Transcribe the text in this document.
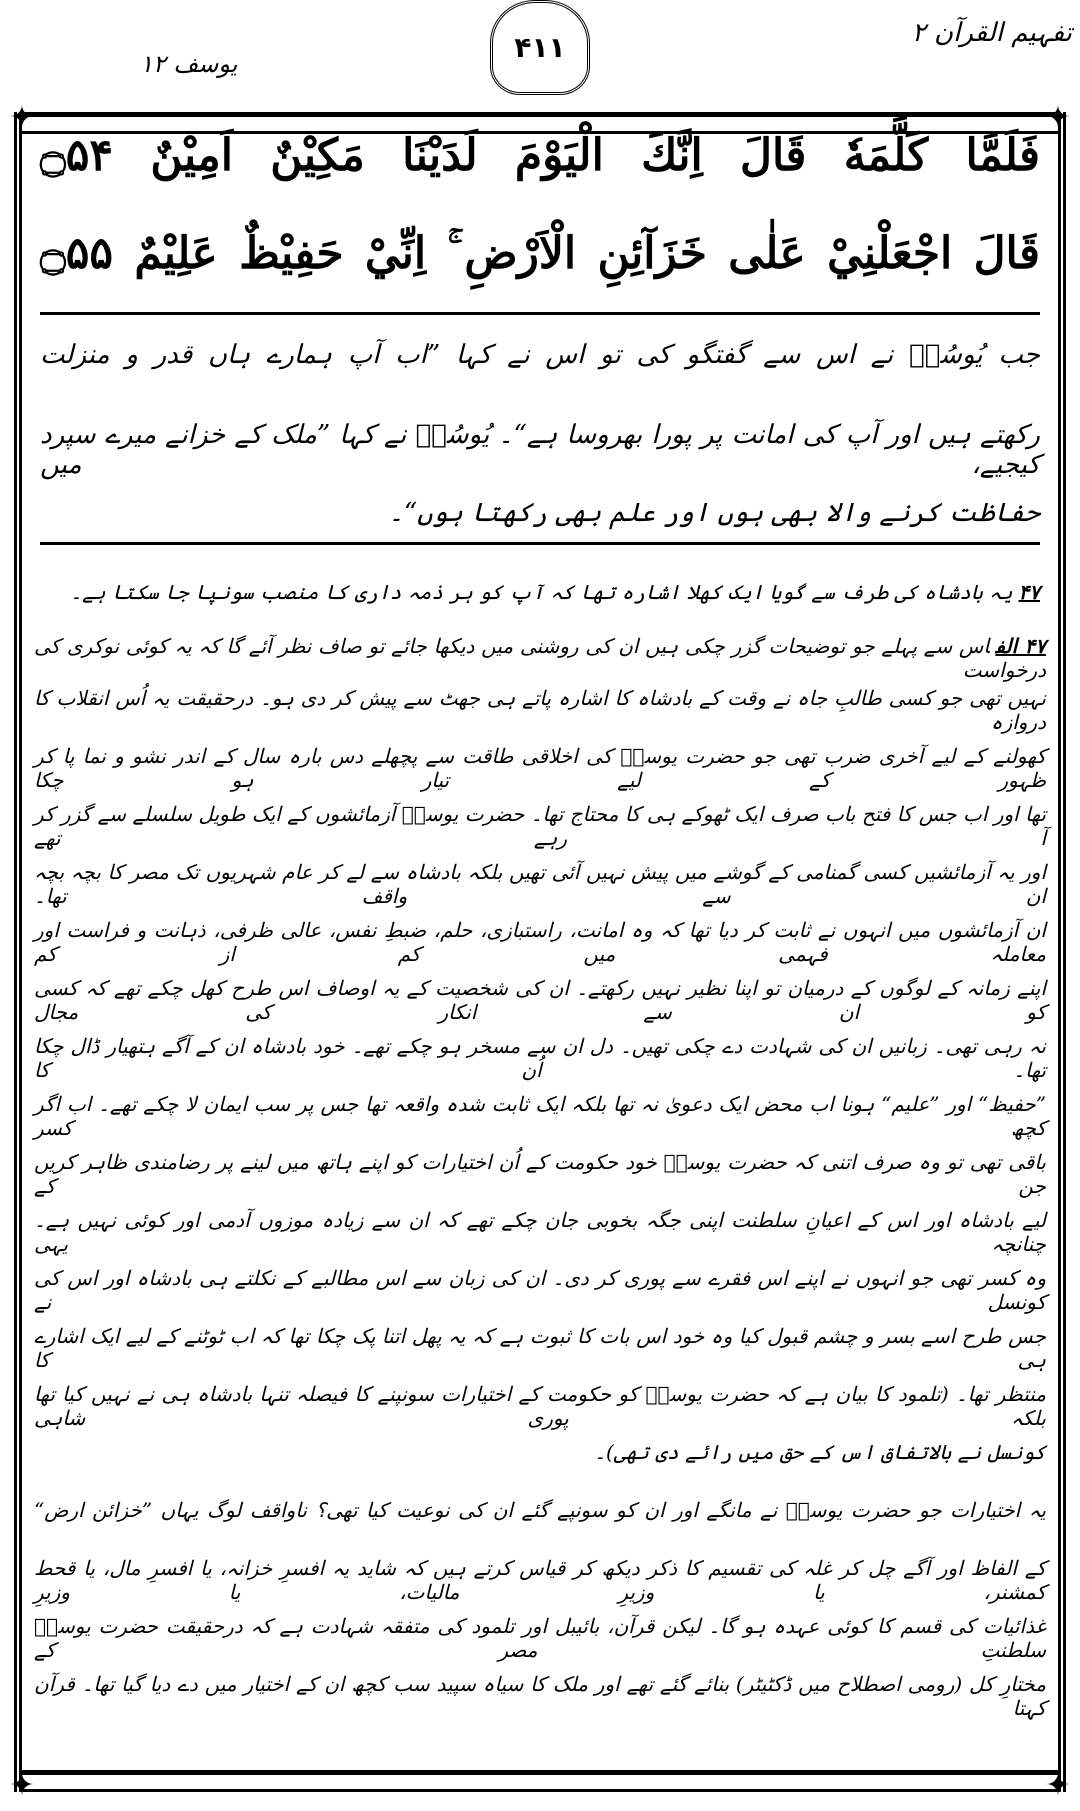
تفہیم القرآن ۲
۴۱۱
یوسف ۱۲
✦	✦
✦	✦
فَلَمَّا كَلَّمَهٗ قَالَ اِنَّكَ الْيَوْمَ لَدَيْنَا مَكِيْنٌ اَمِيْنٌ ۝۵۴
قَالَ اجْعَلْنِيْ عَلٰى خَزَآئِنِ الْاَرْضِ ۚ اِنِّيْ حَفِيْظٌ عَلِيْمٌ ۝۵۵
جب یُوسُفؑ نے اس سے گفتگو کی تو اس نے کہا ”اب آپ ہمارے ہاں قدر و منزلت
رکھتے ہیں اور آپ کی امانت پر پورا بھروسا ہے“۔ یُوسُفؑ نے کہا ”ملک کے خزانے میرے سپرد کیجیے، میں
حفاظت کرنے والا بھی ہوں اور علم بھی رکھتا ہوں“۔
۴۷یہ بادشاہ کی طرف سے گویا ایک کھلا اشارہ تھا کہ آپ کو ہر ذمہ داری کا منصب سونپا جا سکتا ہے۔
۴۷ الفاس سے پہلے جو توضیحات گزر چکی ہیں ان کی روشنی میں دیکھا جائے تو صاف نظر آئے گا کہ یہ کوئی نوکری کی درخواست
نہیں تھی جو کسی طالبِ جاہ نے وقت کے بادشاہ کا اشارہ پاتے ہی جھٹ سے پیش کر دی ہو۔ درحقیقت یہ اُس انقلاب کا دروازہ
کھولنے کے لیے آخری ضرب تھی جو حضرت یوسفؑ کی اخلاقی طاقت سے پچھلے دس بارہ سال کے اندر نشو و نما پا کر ظہور کے لیے تیار ہو چکا
تھا اور اب جس کا فتح باب صرف ایک ٹھوکے ہی کا محتاج تھا۔ حضرت یوسفؑ آزمائشوں کے ایک طویل سلسلے سے گزر کر آ رہے تھے
اور یہ آزمائشیں کسی گمنامی کے گوشے میں پیش نہیں آئی تھیں بلکہ بادشاہ سے لے کر عام شہریوں تک مصر کا بچہ بچہ ان سے واقف تھا۔
ان آزمائشوں میں انہوں نے ثابت کر دیا تھا کہ وہ امانت، راستبازی، حلم، ضبطِ نفس، عالی ظرفی، ذہانت و فراست اور معاملہ فہمی میں کم از کم
اپنے زمانہ کے لوگوں کے درمیان تو اپنا نظیر نہیں رکھتے۔ ان کی شخصیت کے یہ اوصاف اس طرح کھل چکے تھے کہ کسی کو ان سے انکار کی مجال
نہ رہی تھی۔ زبانیں ان کی شہادت دے چکی تھیں۔ دل ان سے مسخر ہو چکے تھے۔ خود بادشاہ ان کے آگے ہتھیار ڈال چکا تھا۔ اُن کا
”حفیظ“ اور ”علیم“ ہونا اب محض ایک دعویٰ نہ تھا بلکہ ایک ثابت شدہ واقعہ تھا جس پر سب ایمان لا چکے تھے۔ اب اگر کچھ کسر
باقی تھی تو وہ صرف اتنی کہ حضرت یوسفؑ خود حکومت کے اُن اختیارات کو اپنے ہاتھ میں لینے پر رضامندی ظاہر کریں جن کے
لیے بادشاہ اور اس کے اعیانِ سلطنت اپنی جگہ بخوبی جان چکے تھے کہ ان سے زیادہ موزوں آدمی اور کوئی نہیں ہے۔ چنانچہ یہی
وہ کسر تھی جو انہوں نے اپنے اس فقرے سے پوری کر دی۔ ان کی زبان سے اس مطالبے کے نکلتے ہی بادشاہ اور اس کی کونسل نے
جس طرح اسے بسر و چشم قبول کیا وہ خود اس بات کا ثبوت ہے کہ یہ پھل اتنا پک چکا تھا کہ اب ٹوٹنے کے لیے ایک اشارے ہی کا
منتظر تھا۔ (تلمود کا بیان ہے کہ حضرت یوسفؑ کو حکومت کے اختیارات سونپنے کا فیصلہ تنہا بادشاہ ہی نے نہیں کیا تھا بلکہ پوری شاہی
کونسل نے بالاتفاق اس کے حق میں رائے دی تھی)۔
یہ اختیارات جو حضرت یوسفؑ نے مانگے اور ان کو سونپے گئے ان کی نوعیت کیا تھی؟ ناواقف لوگ یہاں ”خزائن ارض“
کے الفاظ اور آگے چل کر غلہ کی تقسیم کا ذکر دیکھ کر قیاس کرتے ہیں کہ شاید یہ افسرِ خزانہ، یا افسرِ مال، یا قحط کمشنر، یا وزیرِ مالیات، یا وزیرِ
غذائیات کی قسم کا کوئی عہدہ ہو گا۔ لیکن قرآن، بائیبل اور تلمود کی متفقہ شہادت ہے کہ درحقیقت حضرت یوسفؑ سلطنتِ مصر کے
مختارِ کل (رومی اصطلاح میں ڈکٹیٹر) بنائے گئے تھے اور ملک کا سیاہ سپید سب کچھ ان کے اختیار میں دے دیا گیا تھا۔ قرآن کہتا
